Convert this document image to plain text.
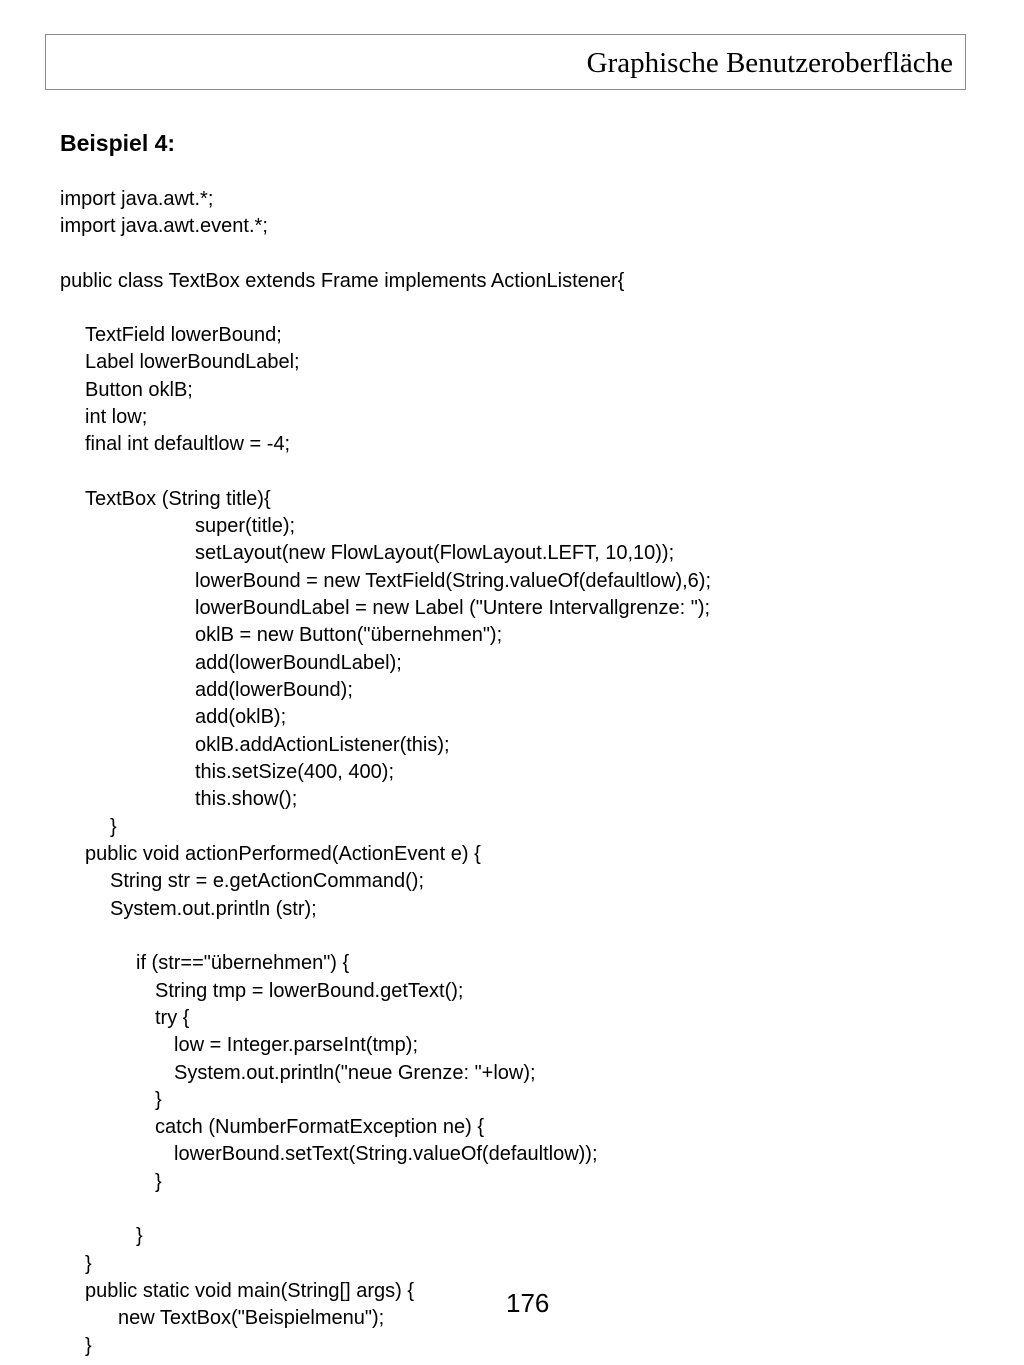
Graphische Benutzeroberfläche
Beispiel 4:
import java.awt.*;
import java.awt.event.*;
public class TextBox extends Frame implements ActionListener{
TextField lowerBound;
Label lowerBoundLabel;
Button oklB;
int low;
final int defaultlow = -4;
TextBox (String title){
super(title);
setLayout(new FlowLayout(FlowLayout.LEFT, 10,10));
lowerBound = new TextField(String.valueOf(defaultlow),6);
lowerBoundLabel = new Label ("Untere Intervallgrenze: ");
oklB = new Button("übernehmen");
add(lowerBoundLabel);
add(lowerBound);
add(oklB);
oklB.addActionListener(this);
this.setSize(400, 400);
this.show();
}
public void actionPerformed(ActionEvent e) {
String str = e.getActionCommand();
System.out.println (str);
if (str=="übernehmen") {
String tmp = lowerBound.getText();
try {
low = Integer.parseInt(tmp);
System.out.println("neue Grenze: "+low);
}
catch (NumberFormatException ne) {
lowerBound.setText(String.valueOf(defaultlow));
}
}
}
public static void main(String[] args) {
new TextBox("Beispielmenu");
}
176
